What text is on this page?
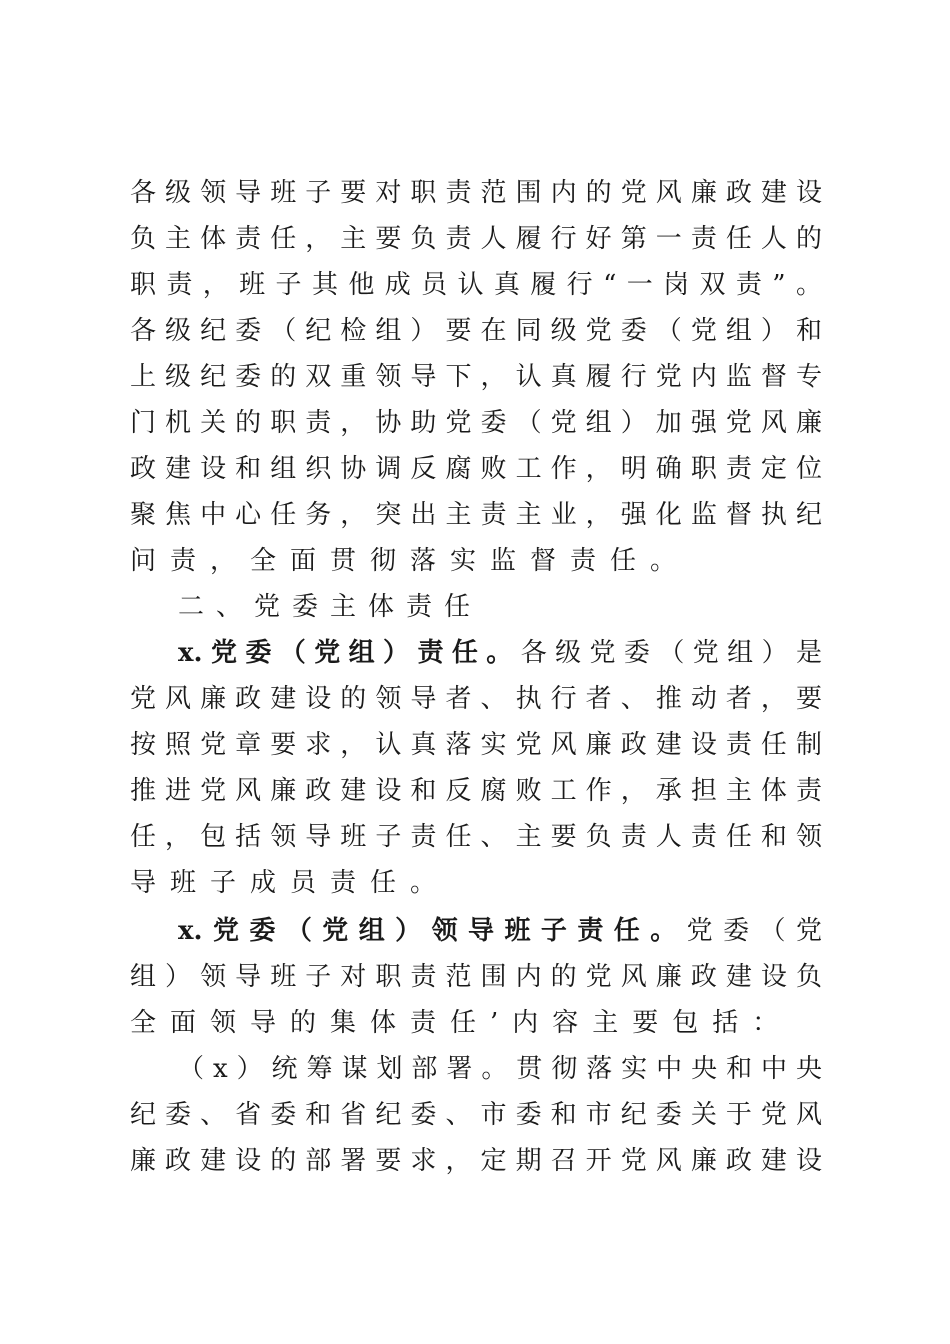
各级领导班子要对职责范围内的党风廉政建设
负主体责任，主要负责人履行好第一责任人的
职责，班子其他成员认真履行“一岗双责”。
各级纪委（纪检组）要在同级党委（党组）和
上级纪委的双重领导下，认真履行党内监督专
门机关的职责，协助党委（党组）加强党风廉
政建设和组织协调反腐败工作，明确职责定位
聚焦中心任务，突出主责主业，强化监督执纪
问责，全面贯彻落实监督责任。
二、党委主体责任
x.党委（党组）责任。各级党委（党组）是
党风廉政建设的领导者、执行者、推动者，要
按照党章要求，认真落实党风廉政建设责任制
推进党风廉政建设和反腐败工作，承担主体责
任，包括领导班子责任、主要负责人责任和领
导班子成员责任。
x.党委（党组）领导班子责任。党委（党
组）领导班子对职责范围内的党风廉政建设负
全面领导的集体责任’内容主要包括：
（x）统筹谋划部署。贯彻落实中央和中央
纪委、省委和省纪委、市委和市纪委关于党风
廉政建设的部署要求，定期召开党风廉政建设
